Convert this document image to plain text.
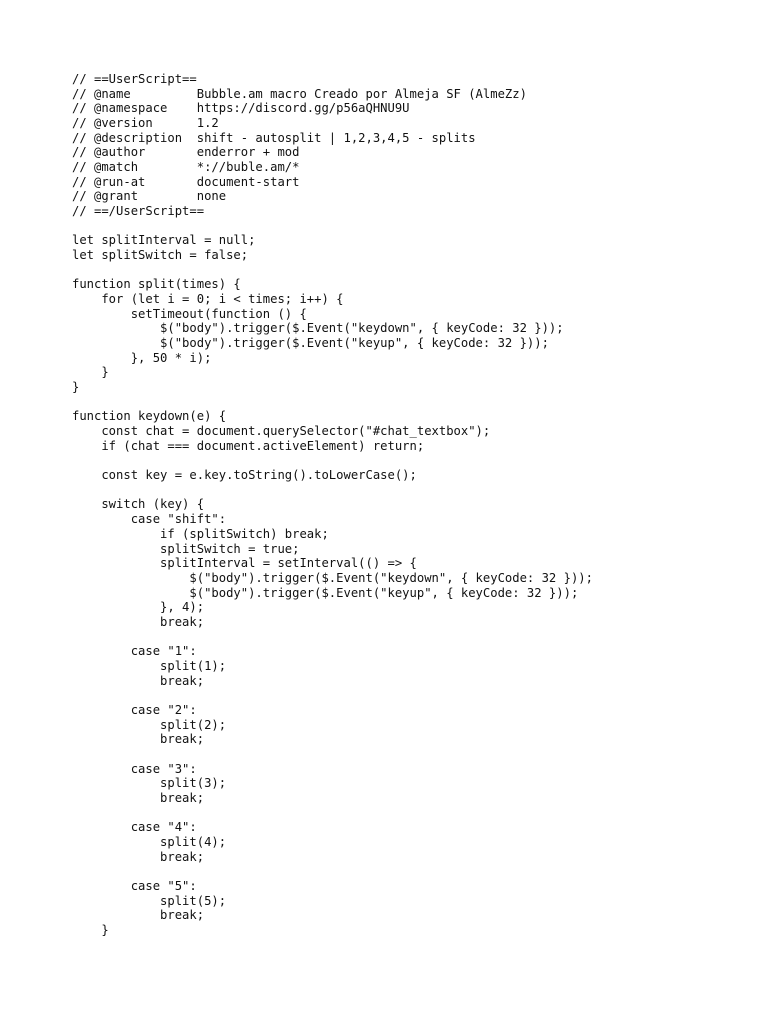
// ==UserScript==
// @name         Bubble.am macro Creado por Almeja SF (AlmeZz)
// @namespace    https://discord.gg/p56aQHNU9U
// @version      1.2
// @description  shift - autosplit | 1,2,3,4,5 - splits
// @author       enderror + mod
// @match        *://buble.am/*
// @run-at       document-start
// @grant        none
// ==/UserScript==
let splitInterval = null;
let splitSwitch = false;
function split(times) {
for (let i = 0; i < times; i++) {
setTimeout(function () {
$("body").trigger($.Event("keydown", { keyCode: 32 }));
$("body").trigger($.Event("keyup", { keyCode: 32 }));
}, 50 * i);
}
}
function keydown(e) {
const chat = document.querySelector("#chat_textbox");
if (chat === document.activeElement) return;
const key = e.key.toString().toLowerCase();
switch (key) {
case "shift":
if (splitSwitch) break;
splitSwitch = true;
splitInterval = setInterval(() => {
$("body").trigger($.Event("keydown", { keyCode: 32 }));
$("body").trigger($.Event("keyup", { keyCode: 32 }));
}, 4);
break;
case "1":
split(1);
break;
case "2":
split(2);
break;
case "3":
split(3);
break;
case "4":
split(4);
break;
case "5":
split(5);
break;
}
